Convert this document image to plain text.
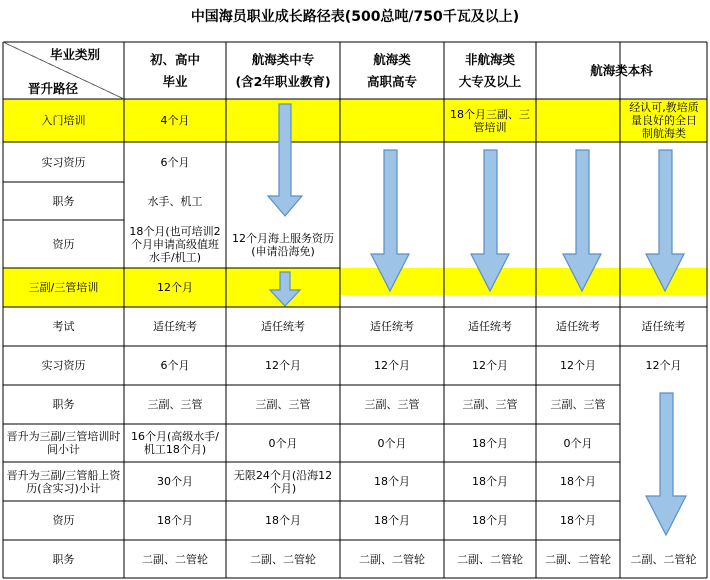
中国海员职业成长路径表(500总吨/750千瓦及以上)
毕业类别
晋升路径
初、高中
毕业
航海类中专
(含2年职业教育)
航海类
高职高专
非航海类
大专及以上
航海类本科
入门培训
实习资历
职务
资历
三副/三管培训
考试
实习资历
职务
晋升为三副/三管培训时间小计
晋升为三副/三管船上资历(含实习)小计
资历
职务
4个月
6个月
水手、机工
18个月(也可培训2个月申请高级值班水手/机工)
12个月
适任统考
6个月
三副、三管
16个月(高级水手/机工18个月)
30个月
18个月
二副、二管轮
12个月海上服务资历(申请沿海免)
适任统考
12个月
三副、三管
0个月
无限24个月(沿海12个月)
18个月
二副、二管轮
适任统考
12个月
三副、三管
0个月
18个月
18个月
二副、二管轮
18个月三副、三管培训
适任统考
12个月
三副、三管
18个月
18个月
18个月
二副、二管轮
适任统考
12个月
三副、三管
0个月
18个月
18个月
二副、二管轮
经认可,教培质量良好的全日制航海类
适任统考
12个月
二副、二管轮
